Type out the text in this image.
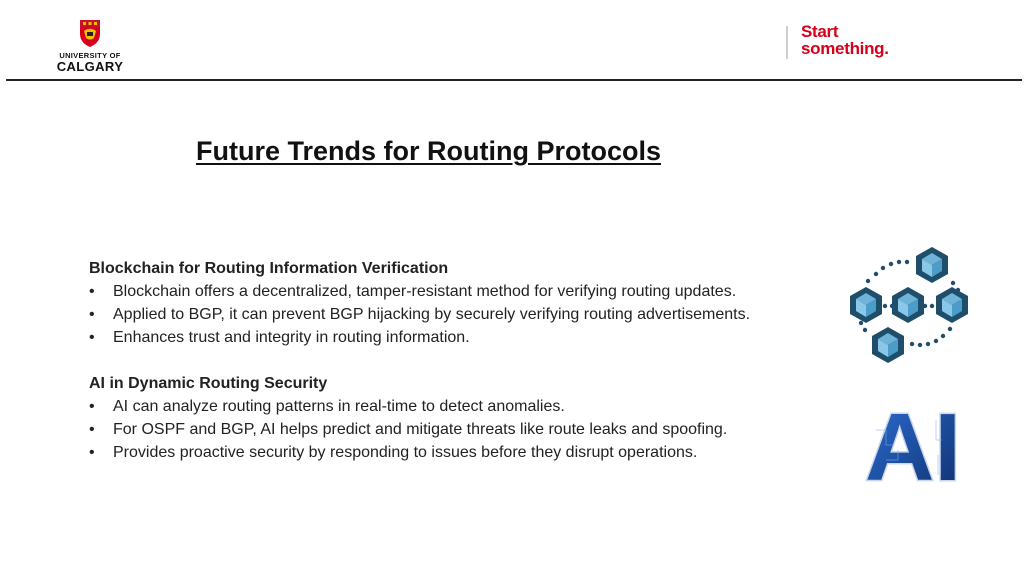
UNIVERSITY OF
CALGARY
Start
something.
Future Trends for Routing Protocols

Blockchain for Routing Information Verification

• Blockchain offers a decentralized, tamper-resistant method for verifying routing updates.
• Applied to BGP, it can prevent BGP hijacking by securely verifying routing advertisements.
• Enhances trust and integrity in routing information.

AI in Dynamic Routing Security

• AI can analyze routing patterns in real-time to detect anomalies.
• For OSPF and BGP, AI helps predict and mitigate threats like route leaks and spoofing.
• Provides proactive security by responding to issues before they disrupt operations.	AI
